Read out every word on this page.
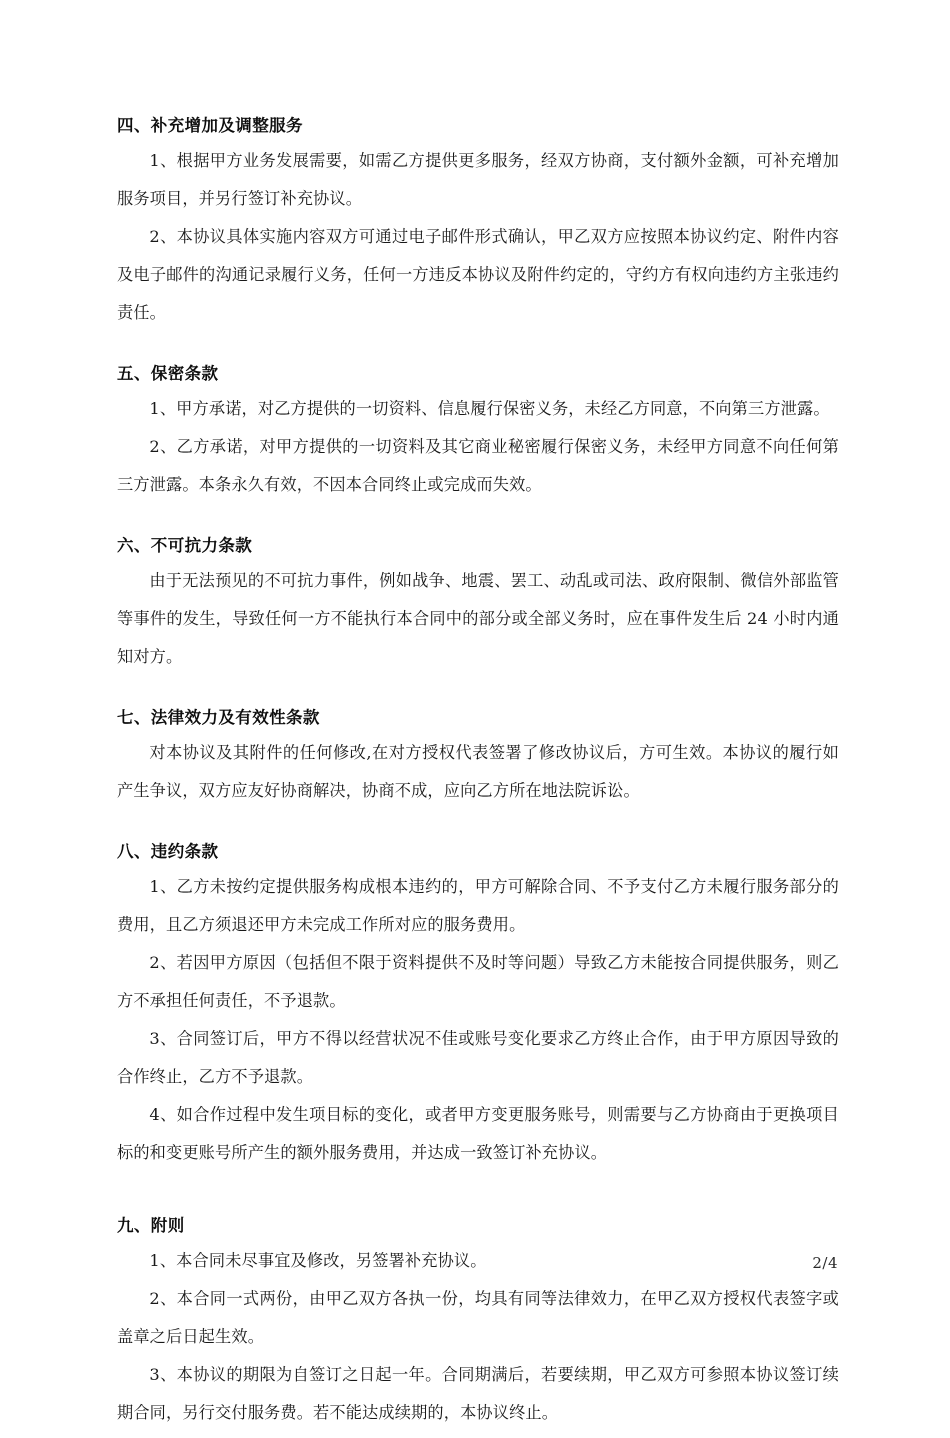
四、补充增加及调整服务

1、根据甲方业务发展需要，如需乙方提供更多服务，经双方协商，支付额外金额，可补充增加服务项目，并另行签订补充协议。

2、本协议具体实施内容双方可通过电子邮件形式确认，甲乙双方应按照本协议约定、附件内容及电子邮件的沟通记录履行义务，任何一方违反本协议及附件约定的，守约方有权向违约方主张违约责任。

五、保密条款

1、甲方承诺，对乙方提供的一切资料、信息履行保密义务，未经乙方同意，不向第三方泄露。

2、乙方承诺，对甲方提供的一切资料及其它商业秘密履行保密义务，未经甲方同意不向任何第三方泄露。本条永久有效，不因本合同终止或完成而失效。

六、不可抗力条款

由于无法预见的不可抗力事件，例如战争、地震、罢工、动乱或司法、政府限制、微信外部监管等事件的发生，导致任何一方不能执行本合同中的部分或全部义务时，应在事件发生后 24 小时内通知对方。

七、法律效力及有效性条款

对本协议及其附件的任何修改,在对方授权代表签署了修改协议后，方可生效。本协议的履行如产生争议，双方应友好协商解决，协商不成，应向乙方所在地法院诉讼。

八、违约条款

1、乙方未按约定提供服务构成根本违约的，甲方可解除合同、不予支付乙方未履行服务部分的费用，且乙方须退还甲方未完成工作所对应的服务费用。

2、若因甲方原因（包括但不限于资料提供不及时等问题）导致乙方未能按合同提供服务，则乙方不承担任何责任，不予退款。

3、合同签订后，甲方不得以经营状况不佳或账号变化要求乙方终止合作，由于甲方原因导致的合作终止，乙方不予退款。

4、如合作过程中发生项目标的变化，或者甲方变更服务账号，则需要与乙方协商由于更换项目标的和变更账号所产生的额外服务费用，并达成一致签订补充协议。

九、附则

1、本合同未尽事宜及修改，另签署补充协议。

2、本合同一式两份，由甲乙双方各执一份，均具有同等法律效力，在甲乙双方授权代表签字或盖章之后日起生效。

3、本协议的期限为自签订之日起一年。合同期满后，若要续期，甲乙双方可参照本协议签订续期合同，另行交付服务费。若不能达成续期的，本协议终止。

2/4
